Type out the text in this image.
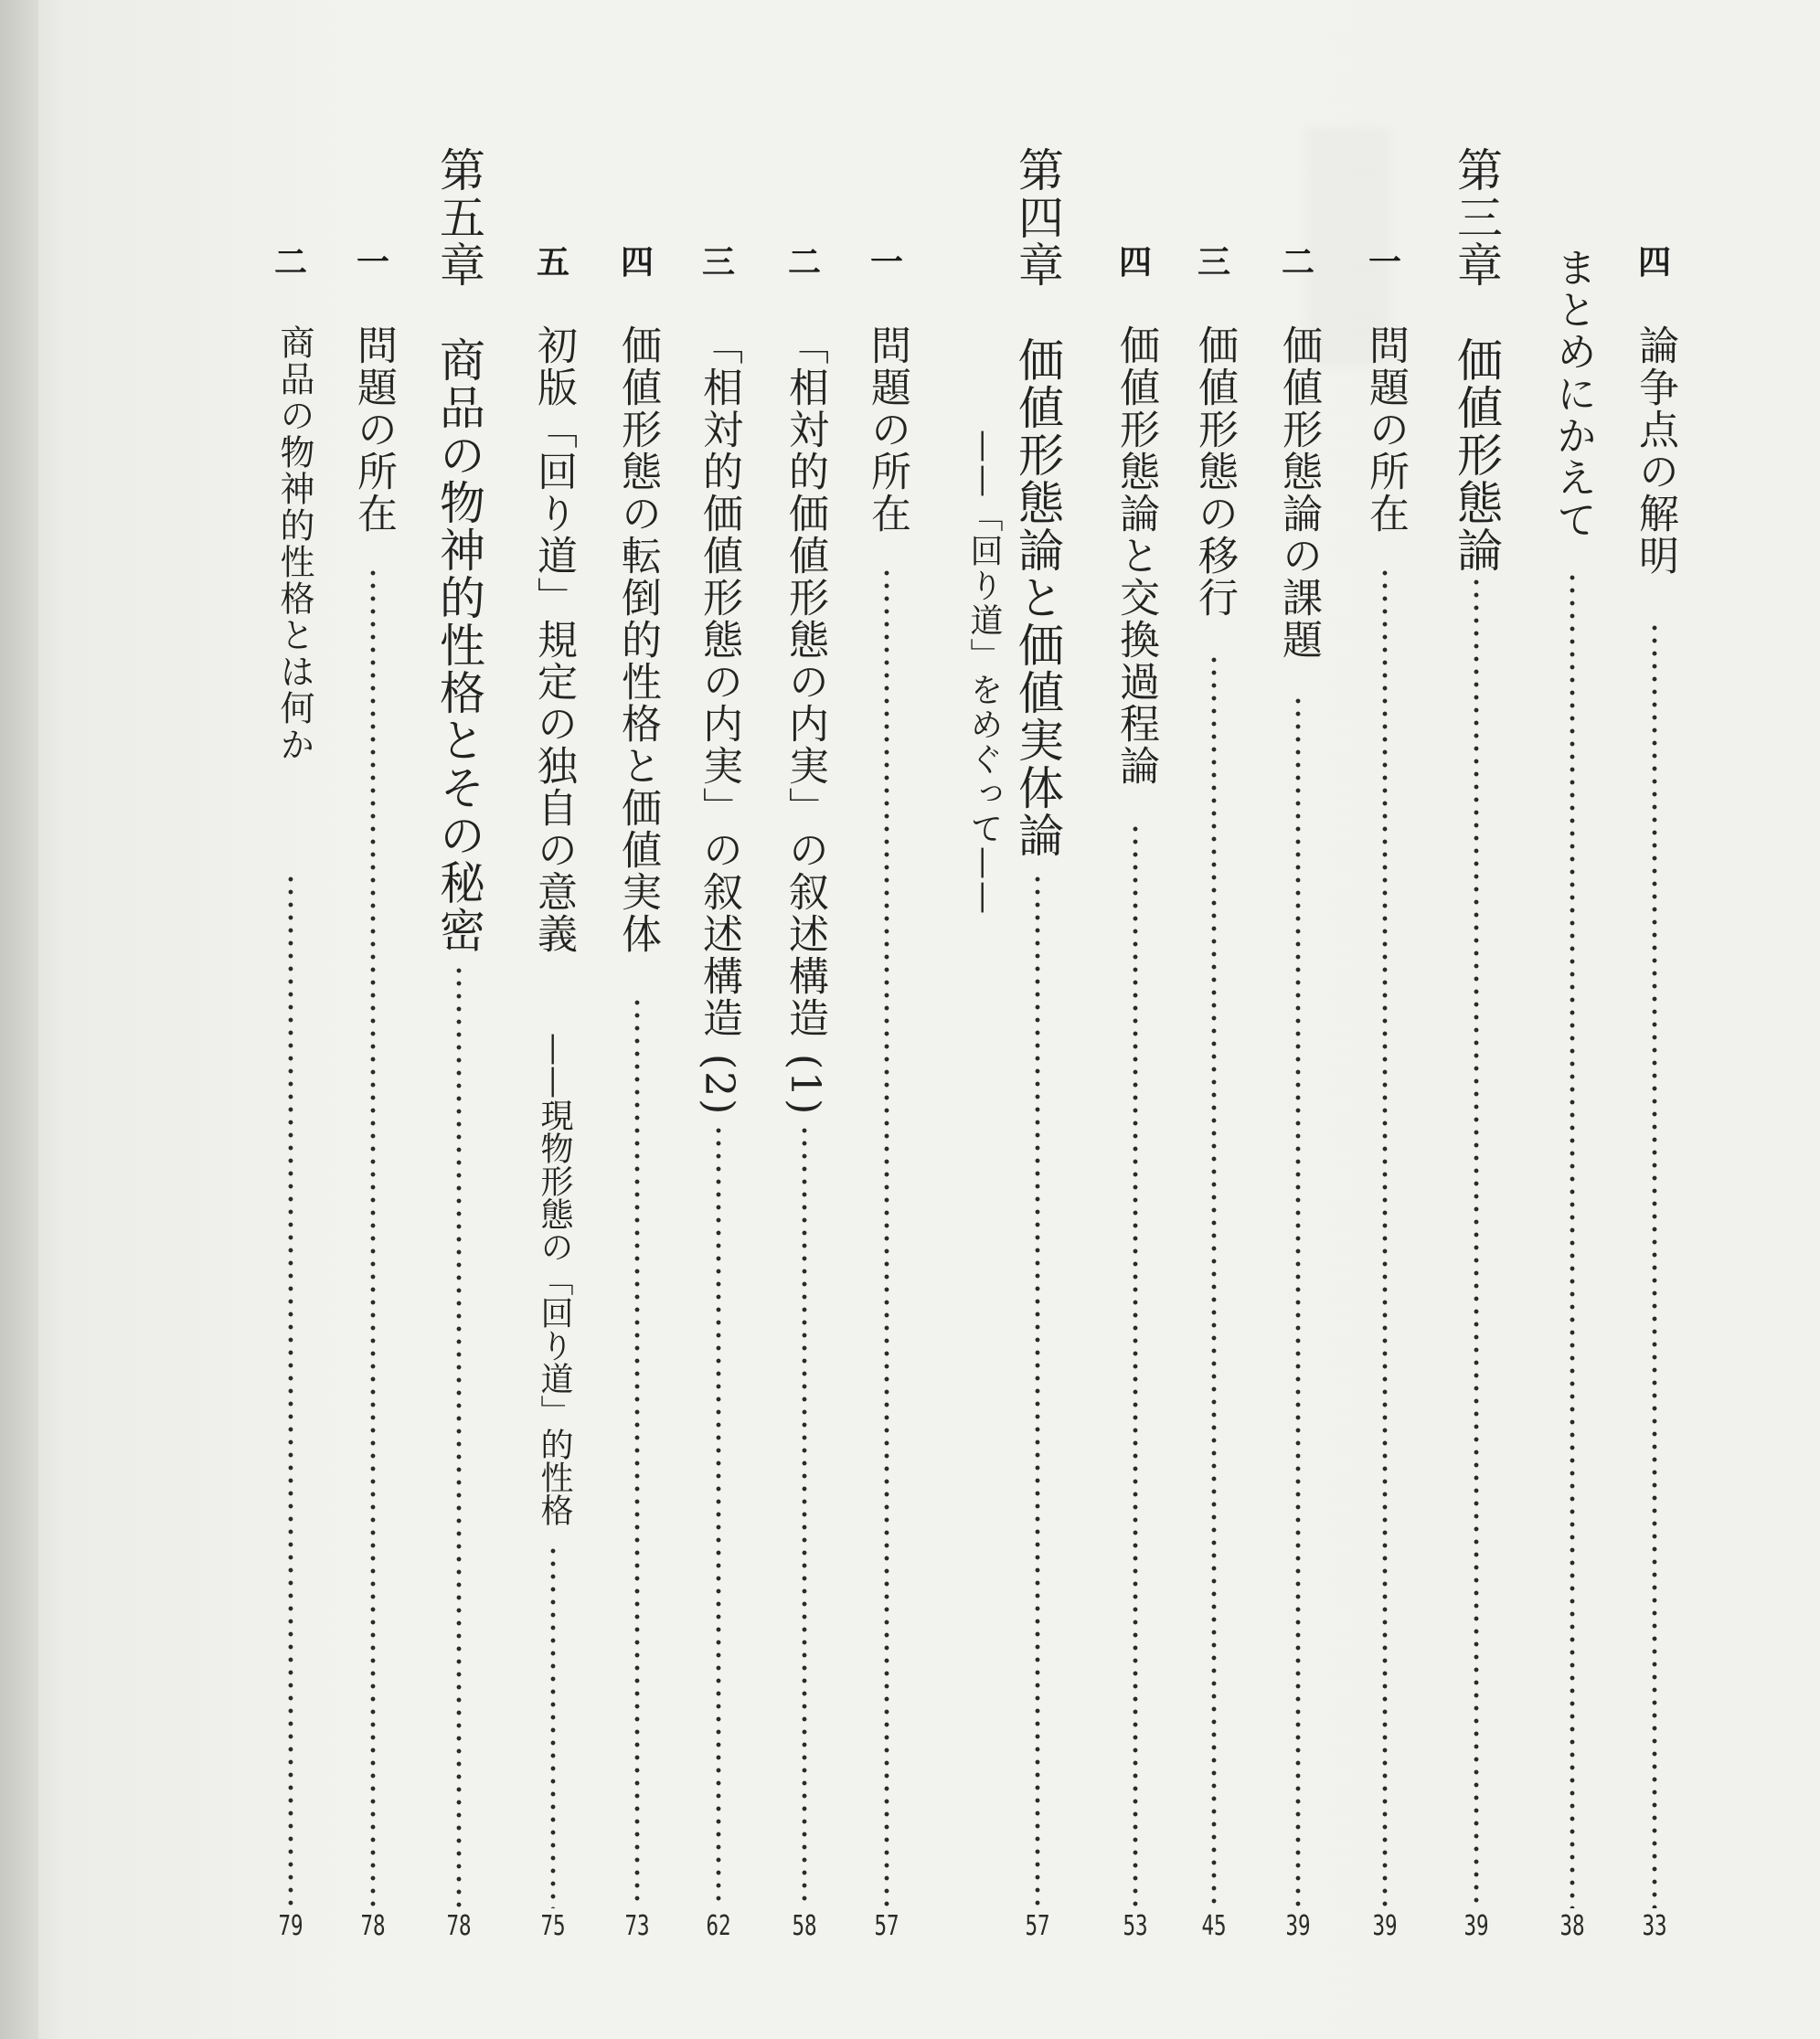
四
論争点の解明
33
まとめにかえて
38
第三章　価値形態論
39
一
問題の所在
39
二
価値形態論の課題
39
三
価値形態の移行
45
四
価値形態論と交換過程論
53
第四章　価値形態論と価値実体論
57
——「回り道」をめぐって——
一
問題の所在
57
二
「相対的価値形態の内実」の叙述構造 (1)
58
三
「相対的価値形態の内実」の叙述構造 (2)
62
四
価値形態の転倒的性格と価値実体
73
五
初版「回り道」規定の独自の意義
75
第五章　商品の物神的性格とその秘密
78
一
問題の所在
78
二
商品の物神的性格とは何か
79
——現物形態の「回り道」的性格
